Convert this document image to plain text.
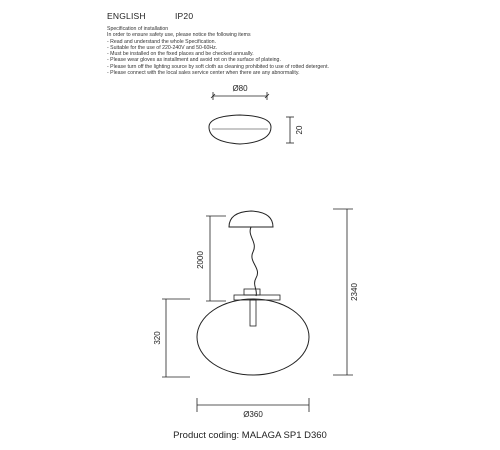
ENGLISH	IP20
Specification of installation
In order to ensure safety use, please notice the following items
- Read and understand the whole Specification.
- Suitable for the use of 220-240V and 50-60Hz.
- Must be installed on the fixed places and be checked annually.
- Please wear gloves as installment and avoid rot on the surface of plateing.
- Please turn off the lighting source by soft cloth as cleaning prohibited to use of rotted detergent.
- Please connect with the local sales service center when there are any abnormality.
Ø80
20
2000
2340
320
Ø360
Product coding: MALAGA SP1 D360
